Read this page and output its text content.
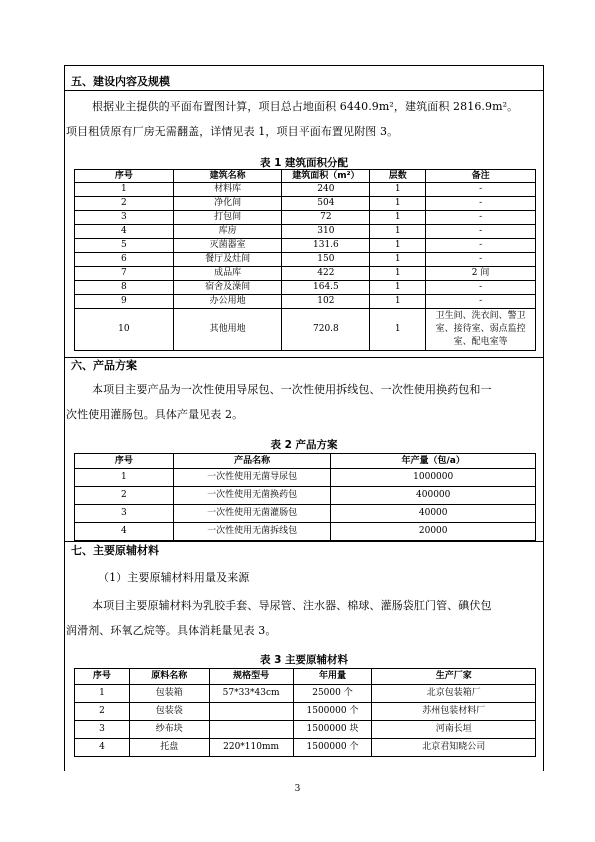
五、建设内容及规模
根据业主提供的平面布置图计算，项目总占地面积 6440.9m²，建筑面积 2816.9m²。
项目租赁原有厂房无需翻盖，详情见表 1，项目平面布置见附图 3。
表 1 建筑面积分配
序号	建筑名称	建筑面积（m²）	层数	备注
1	材料库	240	1	-
2	净化间	504	1	-
3	打包间	72	1	-
4	库房	310	1	-
5	灭菌器室	131.6	1	-
6	餐厅及灶间	150	1	-
7	成品库	422	1	2 间
8	宿舍及澡间	164.5	1	-
9	办公用地	102	1	-
10	其他用地	720.8	1	卫生间、洗衣间、警卫室、接待室、弱点监控室、配电室等
六、产品方案
本项目主要产品为一次性使用导尿包、一次性使用拆线包、一次性使用换药包和一
次性使用灌肠包。具体产量见表 2。
表 2 产品方案
序号	产品名称	年产量（包/a）
1	一次性使用无菌导尿包	1000000
2	一次性使用无菌换药包	400000
3	一次性使用无菌灌肠包	40000
4	一次性使用无菌拆线包	20000
七、主要原辅材料
（1）主要原辅材料用量及来源
本项目主要原辅材料为乳胶手套、导尿管、注水器、棉球、灌肠袋肛门管、碘伏包
润滑剂、环氧乙烷等。具体消耗量见表 3。
表 3 主要原辅材料
序号	原料名称	规格型号	年用量	生产厂家
1	包装箱	57*33*43cm	25000 个	北京包装箱厂
2	包装袋		1500000 个	苏州包装材料厂
3	纱布块		1500000 块	河南长垣
4	托盘	220*110mm	1500000 个	北京君知晓公司
3
